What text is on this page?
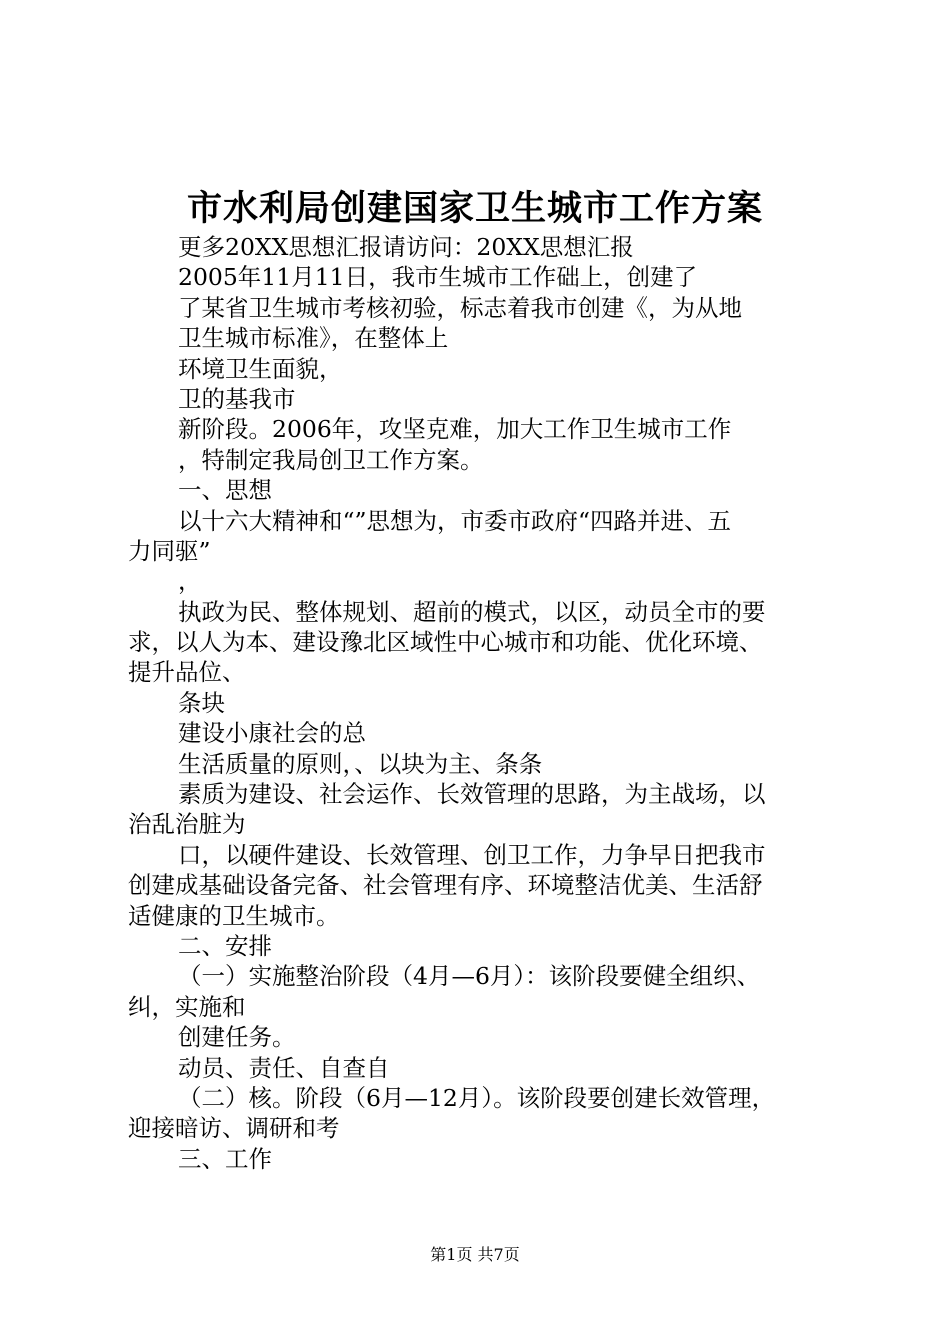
市水利局创建国家卫生城市工作方案
更多20XX思想汇报请访问：20XX思想汇报
2005年11月11日，我市生城市工作础上，创建了
了某省卫生城市考核初验，标志着我市创建《，为从地
卫生城市标准》，在整体上
环境卫生面貌，
卫的基我市
新阶段。2006年，攻坚克难，加大工作卫生城市工作
，特制定我局创卫工作方案。
一、思想
以十六大精神和“”思想为，市委市政府“四路并进、五
力同驱”
，
执政为民、整体规划、超前的模式，以区，动员全市的要
求，以人为本、建设豫北区域性中心城市和功能、优化环境、
提升品位、
条块
建设小康社会的总
生活质量的原则，、以块为主、条条
素质为建设、社会运作、长效管理的思路，为主战场，以
治乱治脏为
口，以硬件建设、长效管理、创卫工作，力争早日把我市
创建成基础设备完备、社会管理有序、环境整洁优美、生活舒
适健康的卫生城市。
二、安排
（一）实施整治阶段（4月—6月）：该阶段要健全组织、
纠，实施和
创建任务。
动员、责任、自查自
（二）核。阶段（6月—12月）。该阶段要创建长效管理，
迎接暗访、调研和考
三、工作
第1页 共7页
